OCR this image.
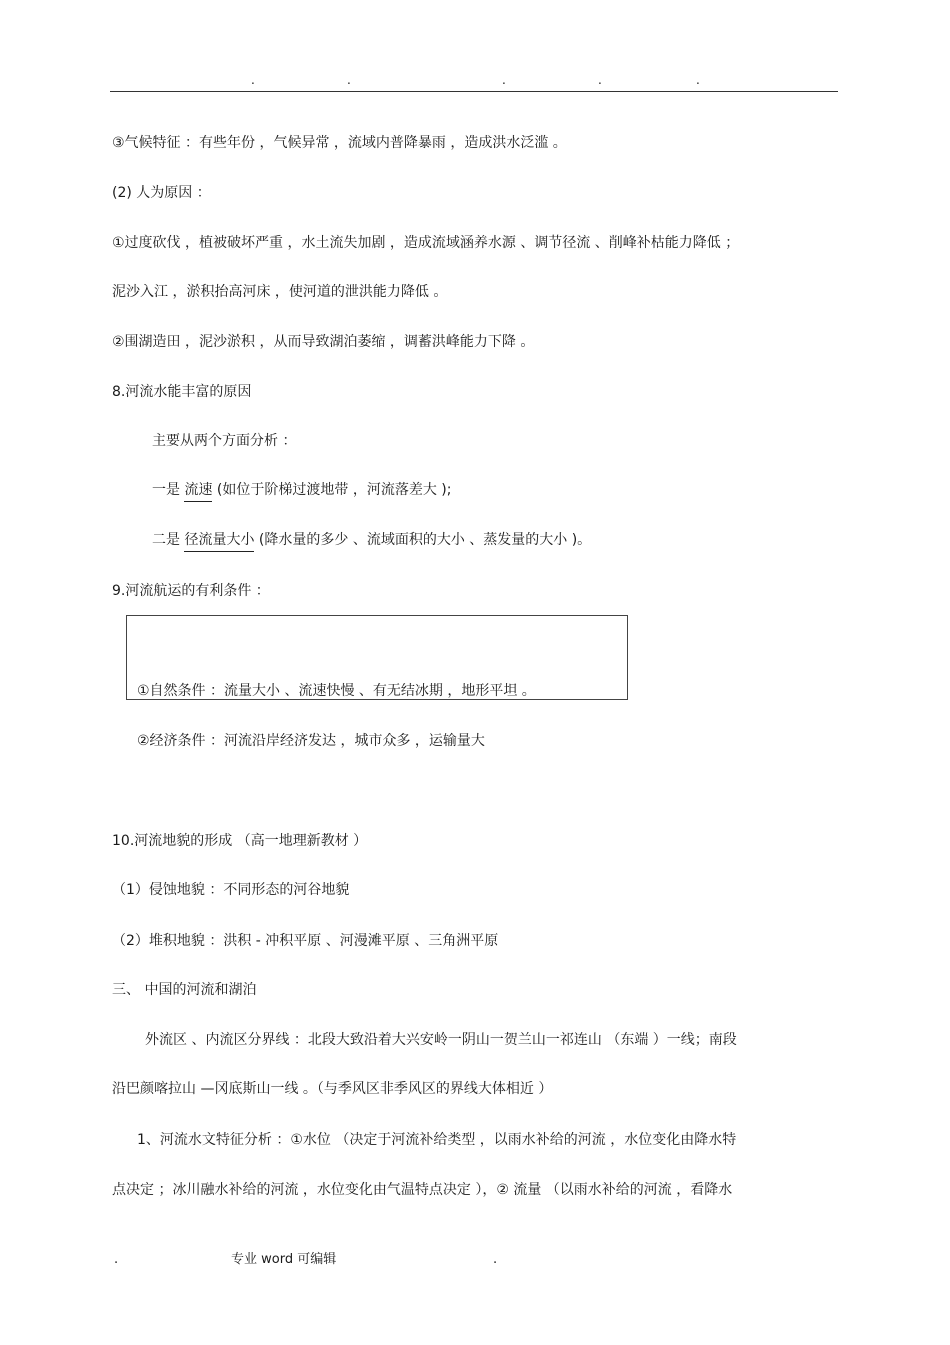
.	.	.	.	.
③气候特征 ：有些年份 ，气候异常 ，流域内普降暴雨 ，造成洪水泛滥 。
(2) 人为原因 ：
①过度砍伐 ，植被破坏严重 ，水土流失加剧 ，造成流域涵养水源 、调节径流 、削峰补枯能力降低 ；
泥沙入江 ，淤积抬高河床 ，使河道的泄洪能力降低 。
②围湖造田 ，泥沙淤积 ，从而导致湖泊萎缩 ，调蓄洪峰能力下降 。
8.河流水能丰富的原因
主要从两个方面分析 ：
一是 流速 (如位于阶梯过渡地带 ，河流落差大 );
二是 径流量大小 (降水量的多少 、流域面积的大小 、蒸发量的大小 )。
9.河流航运的有利条件 ：
①自然条件 ：流量大小 、流速快慢 、有无结冰期 ，地形平坦 。
②经济条件 ：河流沿岸经济发达 ，城市众多 ，运输量大
10.河流地貌的形成 （高一地理新教材 ）
（1）侵蚀地貌 ：不同形态的河谷地貌
（2）堆积地貌 ：洪积 - 冲积平原 、河漫滩平原 、三角洲平原
三、 中国的河流和湖泊
外流区 、内流区分界线 ：北段大致沿着大兴安岭一阴山一贺兰山一祁连山 （东端 ）一线；南段
沿巴颜喀拉山 —冈底斯山一线 。（与季风区非季风区的界线大体相近 ）
1、河流水文特征分析 ：①水位 （决定于河流补给类型 ，以雨水补给的河流 ，水位变化由降水特
点决定 ；冰川融水补给的河流 ，水位变化由气温特点决定 ），② 流量 （以雨水补给的河流 ，看降水
.	专业 word 可编辑	.
